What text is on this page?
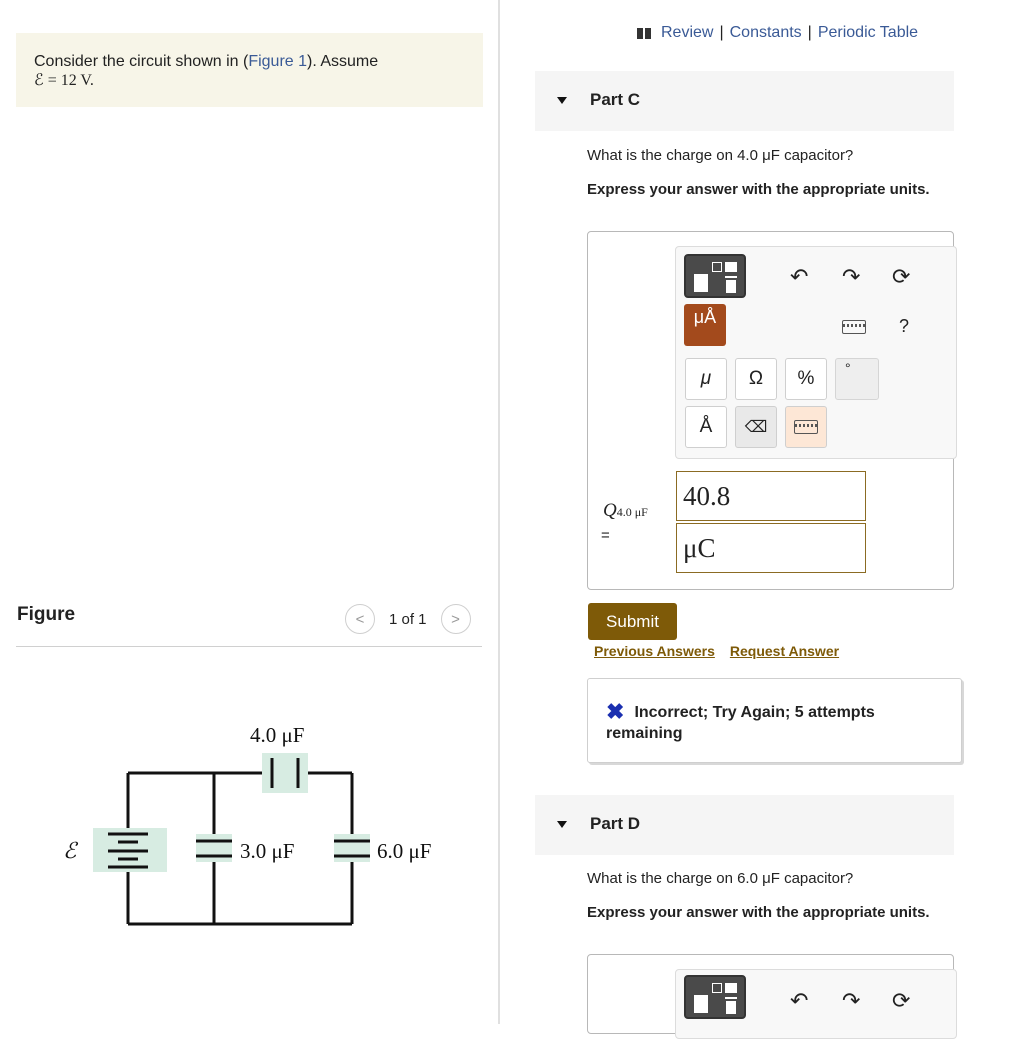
Consider the circuit shown in (Figure 1). Assume
ℰ = 12 V.
Figure	<	1 of 1	>
ℰ
4.0 μF
3.0 μF	6.0 μF
Review | Constants | Periodic Table
Part C
What is the charge on 4.0 μF capacitor?
Express your answer with the appropriate units.
↶ ↷ ⟳
μÅ	?
μ	Ω	%	°
Å	⌫
Q4.0 μF
=
40.8
μC
Submit
Previous Answers Request Answer
✖ Incorrect; Try Again; 5 attempts remaining
Part D
What is the charge on 6.0 μF capacitor?
Express your answer with the appropriate units.
↶ ↷ ⟳
